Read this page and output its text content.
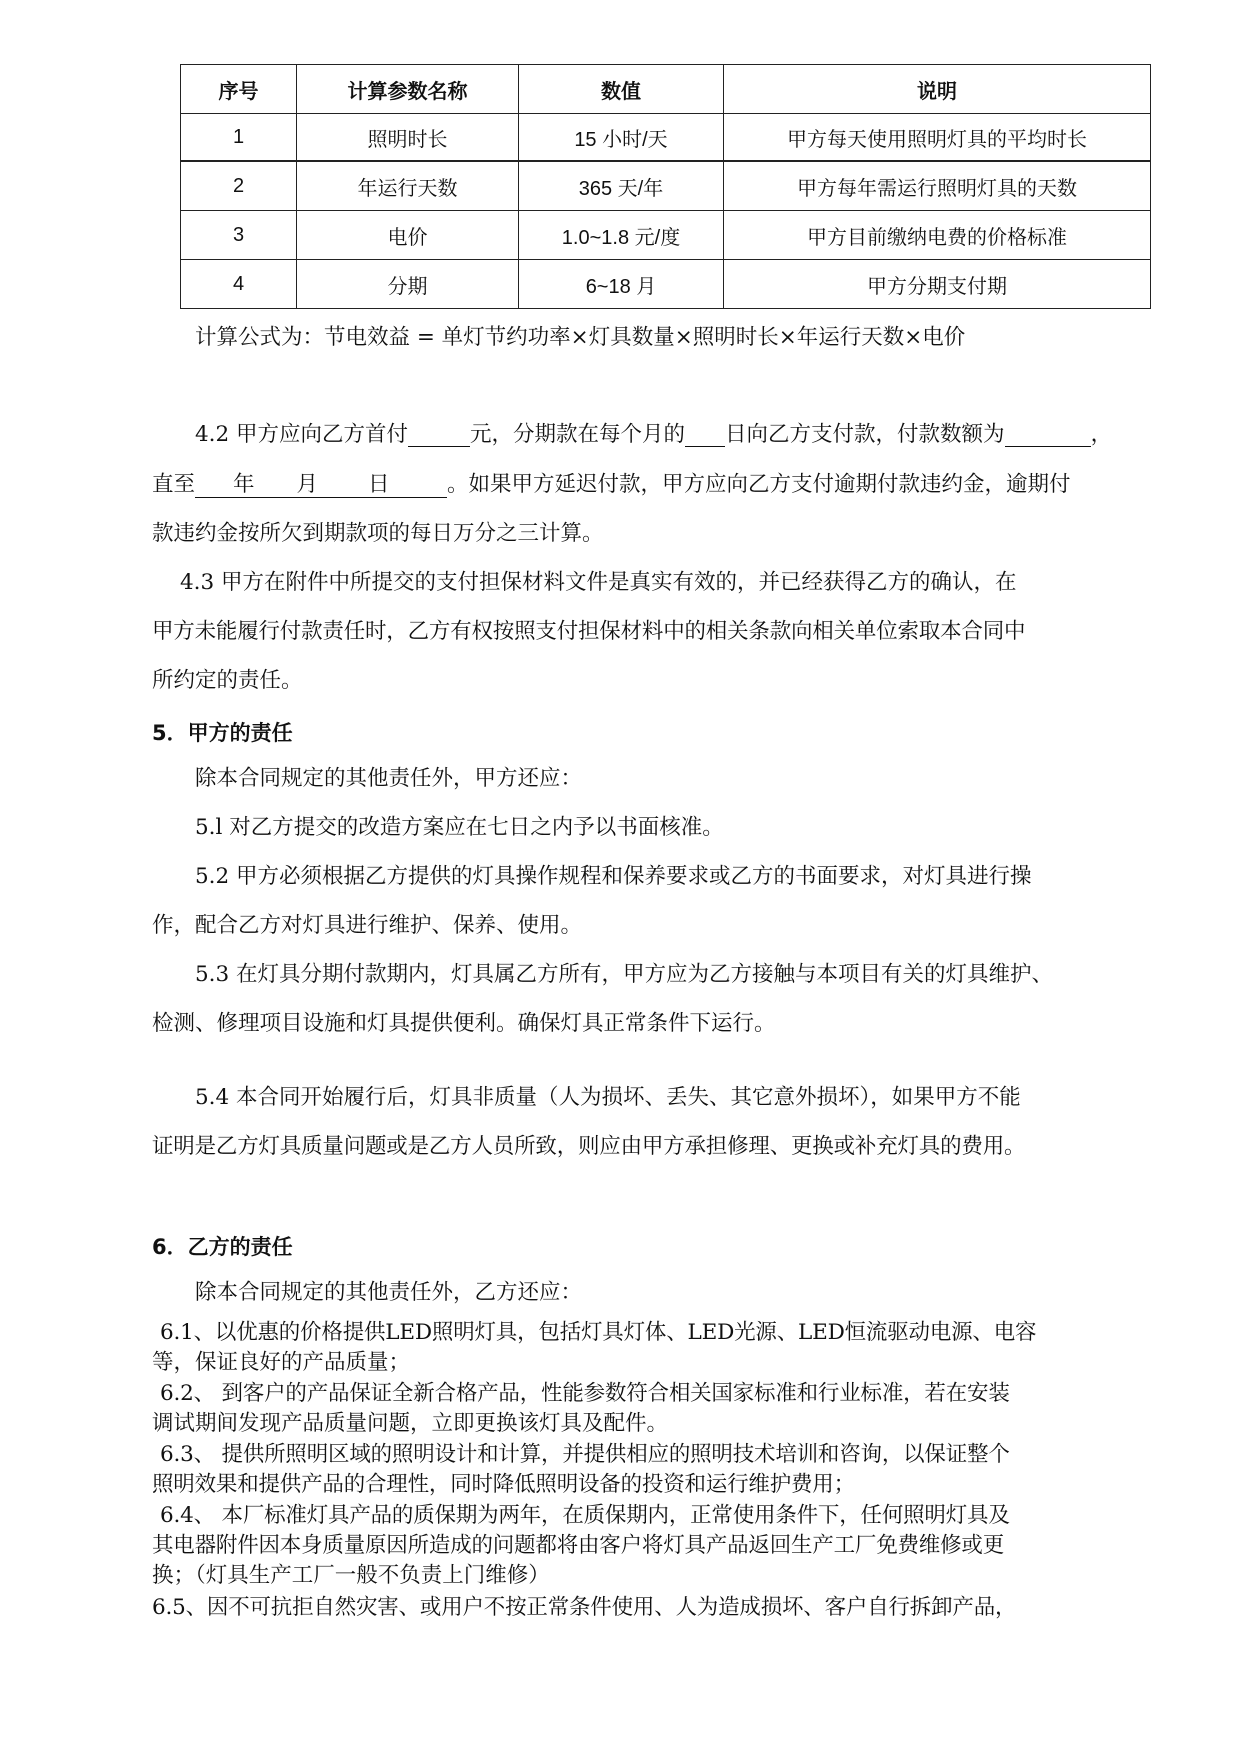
序号	计算参数名称	数值	说明
1	照明时长	15 小时/天	甲方每天使用照明灯具的平均时长
2	年运行天数	365 天/年	甲方每年需运行照明灯具的天数
3	电价	1.0~1.8 元/度	甲方目前缴纳电费的价格标准
4	分期	6~18 月	甲方分期支付期
计算公式为：节电效益 = 单灯节约功率×灯具数量×照明时长×年运行天数×电价
4.2 甲方应向乙方首付	元，分期款在每个月的 日向乙方支付款，付款数额为	，
直至 年 月 日	。如果甲方延迟付款，甲方应向乙方支付逾期付款违约金，逾期付
款违约金按所欠到期款项的每日万分之三计算。
4.3 甲方在附件中所提交的支付担保材料文件是真实有效的，并已经获得乙方的确认，在
甲方未能履行付款责任时，乙方有权按照支付担保材料中的相关条款向相关单位索取本合同中
所约定的责任。
5．甲方的责任
除本合同规定的其他责任外，甲方还应：
5.l 对乙方提交的改造方案应在七日之内予以书面核准。
5.2 甲方必须根据乙方提供的灯具操作规程和保养要求或乙方的书面要求，对灯具进行操
作，配合乙方对灯具进行维护、保养、使用。
5.3 在灯具分期付款期内，灯具属乙方所有，甲方应为乙方接触与本项目有关的灯具维护、
检测、修理项目设施和灯具提供便利。确保灯具正常条件下运行。
5.4 本合同开始履行后，灯具非质量（人为损坏、丢失、其它意外损坏），如果甲方不能
证明是乙方灯具质量问题或是乙方人员所致，则应由甲方承担修理、更换或补充灯具的费用。
6．乙方的责任
除本合同规定的其他责任外，乙方还应：
6.1、以优惠的价格提供LED照明灯具，包括灯具灯体、LED光源、LED恒流驱动电源、电容
等，保证良好的产品质量；
6.2、 到客户的产品保证全新合格产品，性能参数符合相关国家标准和行业标准，若在安装
调试期间发现产品质量问题，立即更换该灯具及配件。
6.3、 提供所照明区域的照明设计和计算，并提供相应的照明技术培训和咨询，以保证整个
照明效果和提供产品的合理性，同时降低照明设备的投资和运行维护费用；
6.4、 本厂标准灯具产品的质保期为两年，在质保期内，正常使用条件下，任何照明灯具及
其电器附件因本身质量原因所造成的问题都将由客户将灯具产品返回生产工厂免费维修或更
换；（灯具生产工厂一般不负责上门维修）
6.5、因不可抗拒自然灾害、或用户不按正常条件使用、人为造成损坏、客户自行拆卸产品，
